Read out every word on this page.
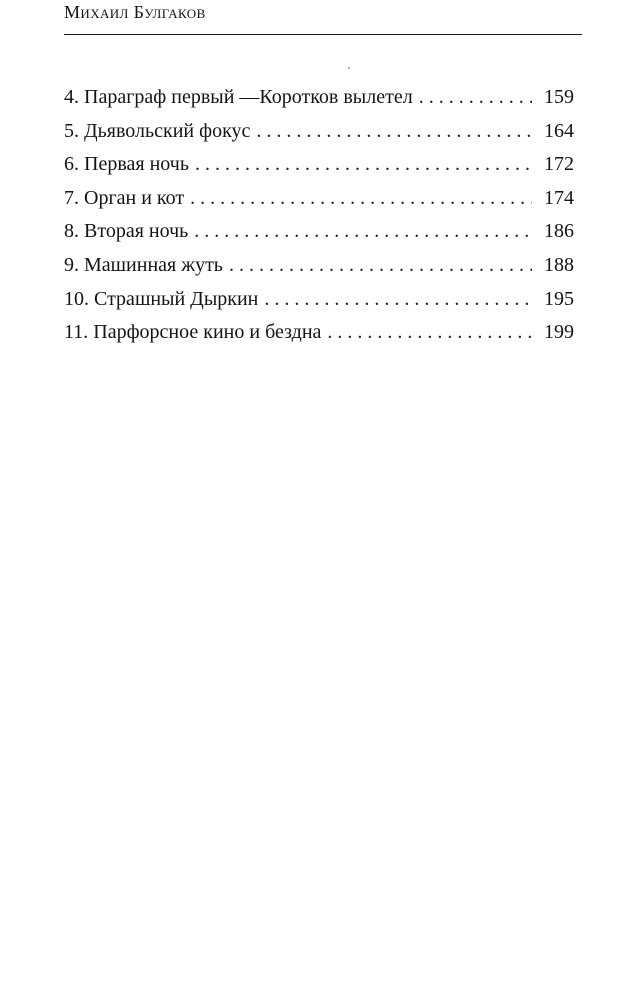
Михаил Булгаков
4. Параграф первый —Коротков вылетел . . .	159
5. Дьявольский фокус . . .	164
6. Первая ночь . . .	172
7. Орган и кот . . .	174
8. Вторая ночь . . .	186
9. Машинная жуть . . .	188
10. Страшный Дыркин . . .	195
11. Парфорсное кино и бездна . . .	199
